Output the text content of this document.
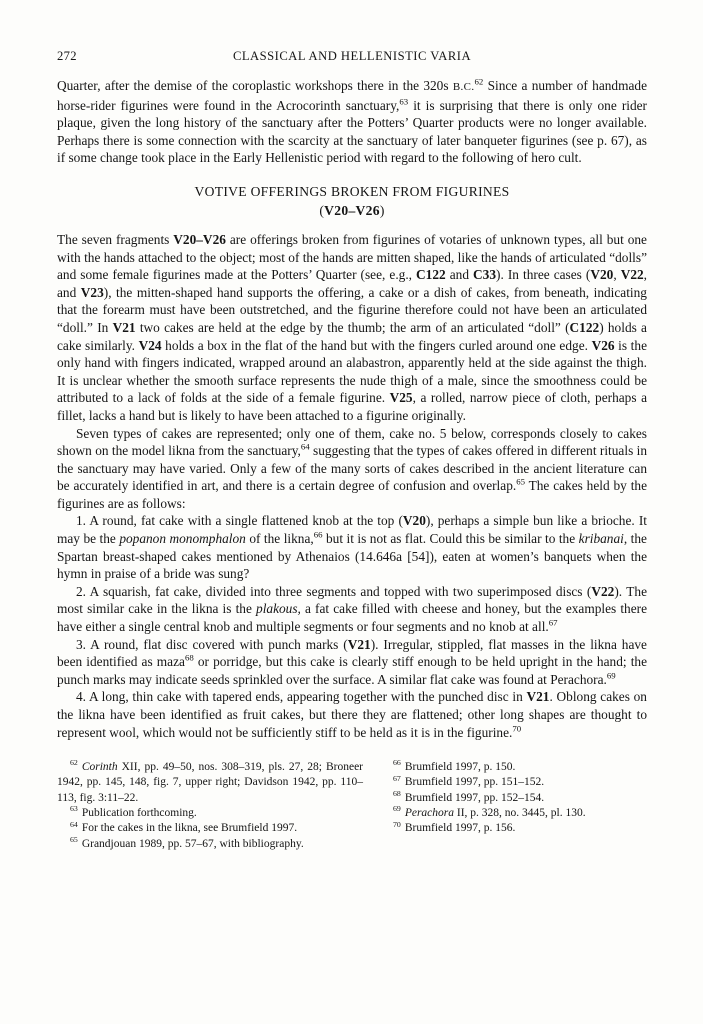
272	CLASSICAL AND HELLENISTIC VARIA

Quarter, after the demise of the coroplastic workshops there in the 320s B.C.$^{62}$ Since a number of handmade horse-rider figurines were found in the Acrocorinth sanctuary,$^{63}$ it is surprising that there is only one rider plaque, given the long history of the sanctuary after the Potters’ Quarter products were no longer available. Perhaps there is some connection with the scarcity at the sanctuary of later banqueter figurines (see p. 67), as if some change took place in the Early Hellenistic period with regard to the following of hero cult.

VOTIVE OFFERINGS BROKEN FROM FIGURINES
(V20–V26)

The seven fragments V20–V26 are offerings broken from figurines of votaries of unknown types, all but one with the hands attached to the object; most of the hands are mitten shaped, like the hands of articulated “dolls” and some female figurines made at the Potters’ Quarter (see, e.g., C122 and C33). In three cases (V20, V22, and V23), the mitten-shaped hand supports the offering, a cake or a dish of cakes, from beneath, indicating that the forearm must have been outstretched, and the figurine therefore could not have been an articulated “doll.” In V21 two cakes are held at the edge by the thumb; the arm of an articulated “doll” (C122) holds a cake similarly. V24 holds a box in the flat of the hand but with the fingers curled around one edge. V26 is the only hand with fingers indicated, wrapped around an alabastron, apparently held at the side against the thigh. It is unclear whether the smooth surface represents the nude thigh of a male, since the smoothness could be attributed to a lack of folds at the side of a female figurine. V25, a rolled, narrow piece of cloth, perhaps a fillet, lacks a hand but is likely to have been attached to a figurine originally.

Seven types of cakes are represented; only one of them, cake no. 5 below, corresponds closely to cakes shown on the model likna from the sanctuary,$^{64}$ suggesting that the types of cakes offered in different rituals in the sanctuary may have varied. Only a few of the many sorts of cakes described in the ancient literature can be accurately identified in art, and there is a certain degree of confusion and overlap.$^{65}$ The cakes held by the figurines are as follows:

1. A round, fat cake with a single flattened knob at the top (V20), perhaps a simple bun like a brioche. It may be the popanon monomphalon of the likna,$^{66}$ but it is not as flat. Could this be similar to the kribanai, the Spartan breast-shaped cakes mentioned by Athenaios (14.646a [54]), eaten at women’s banquets when the hymn in praise of a bride was sung?

2. A squarish, fat cake, divided into three segments and topped with two superimposed discs (V22). The most similar cake in the likna is the plakous, a fat cake filled with cheese and honey, but the examples there have either a single central knob and multiple segments or four segments and no knob at all.$^{67}$

3. A round, flat disc covered with punch marks (V21). Irregular, stippled, flat masses in the likna have been identified as maza$^{68}$ or porridge, but this cake is clearly stiff enough to be held upright in the hand; the punch marks may indicate seeds sprinkled over the surface. A similar flat cake was found at Perachora.$^{69}$

4. A long, thin cake with tapered ends, appearing together with the punched disc in V21. Oblong cakes on the likna have been identified as fruit cakes, but there they are flattened; other long shapes are thought to represent wool, which would not be sufficiently stiff to be held as it is in the figurine.$^{70}$

$^{62}$ Corinth XII, pp. 49–50, nos. 308–319, pls. 27, 28; Broneer 1942, pp. 145, 148, fig. 7, upper right; Davidson 1942, pp. 110–113, fig. 3:11–22.

$^{63}$ Publication forthcoming.

$^{64}$ For the cakes in the likna, see Brumfield 1997.

$^{65}$ Grandjouan 1989, pp. 57–67, with bibliography.

$^{66}$ Brumfield 1997, p. 150.

$^{67}$ Brumfield 1997, pp. 151–152.

$^{68}$ Brumfield 1997, pp. 152–154.

$^{69}$ Perachora II, p. 328, no. 3445, pl. 130.

$^{70}$ Brumfield 1997, p. 156.
